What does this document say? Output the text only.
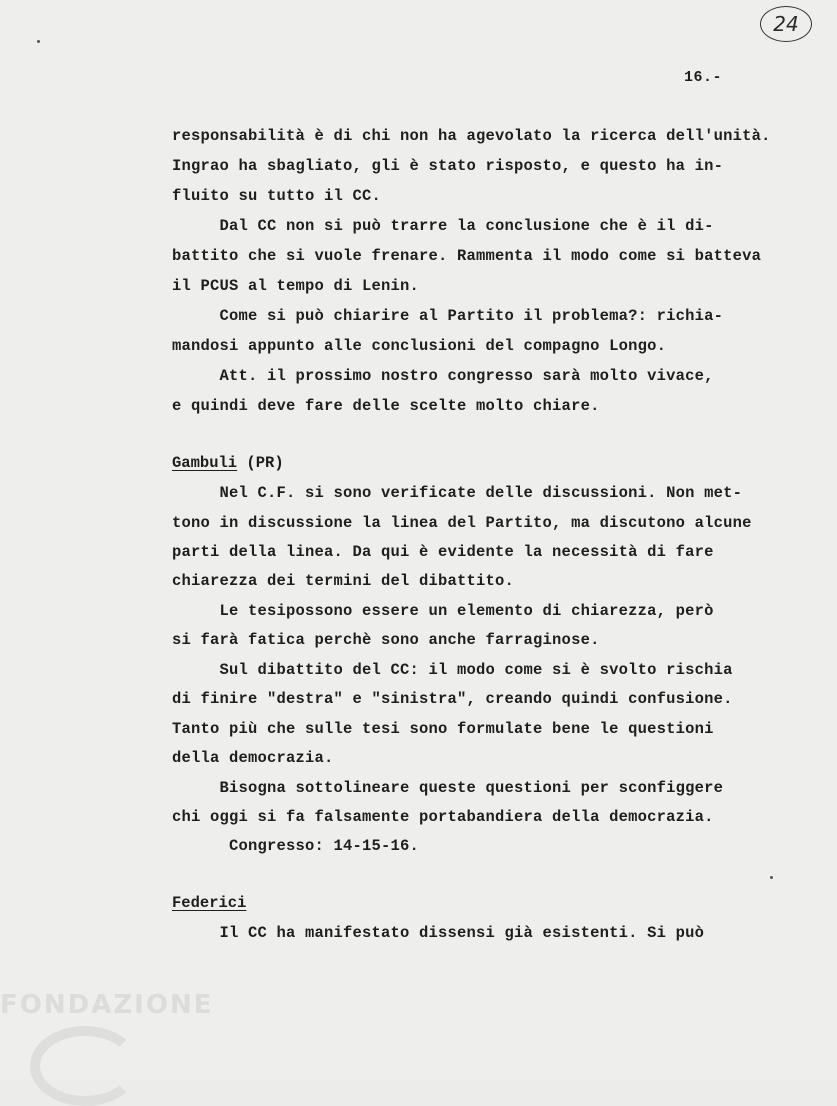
24
16.-
responsabilità è di chi non ha agevolato la ricerca dell'unità.
Ingrao ha sbagliato, gli è stato risposto, e questo ha in-
fluito su tutto il CC.
Dal CC non si può trarre la conclusione che è il di-
battito che si vuole frenare. Rammenta il modo come si batteva
il PCUS al tempo di Lenin.
Come si può chiarire al Partito il problema?: richia-
mandosi appunto alle conclusioni del compagno Longo.
Att. il prossimo nostro congresso sarà molto vivace,
e quindi deve fare delle scelte molto chiare.
Gambuli (PR)
Nel C.F. si sono verificate delle discussioni. Non met-
tono in discussione la linea del Partito, ma discutono alcune
parti della linea. Da qui è evidente la necessità di fare
chiarezza dei termini del dibattito.
Le tesipossono essere un elemento di chiarezza, però
si farà fatica perchè sono anche farraginose.
Sul dibattito del CC: il modo come si è svolto rischia
di finire "destra" e "sinistra", creando quindi confusione.
Tanto più che sulle tesi sono formulate bene le questioni
della democrazia.
Bisogna sottolineare queste questioni per sconfiggere
chi oggi si fa falsamente portabandiera della democrazia.
Congresso: 14-15-16.
Federici
Il CC ha manifestato dissensi già esistenti. Si può
FONDAZIONE
